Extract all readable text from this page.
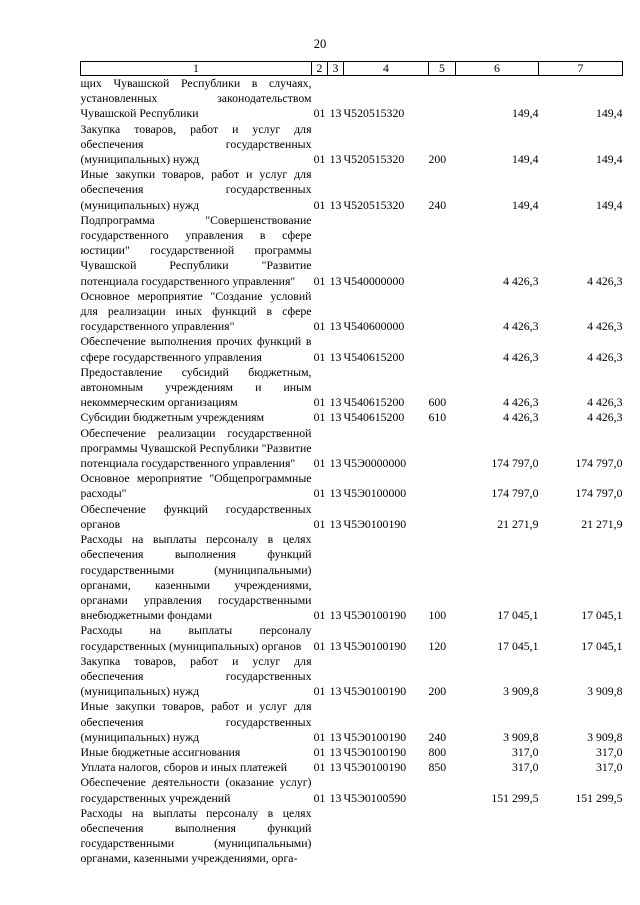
20
1	2	3	4	5	6	7
щих Чувашской Республики в случаях, установленных законодательством Чувашской Республики	01	13	Ч520515320		149,4	149,4
Закупка товаров, работ и услуг для обеспечения государственных (муниципальных) нужд	01	13	Ч520515320	200	149,4	149,4
Иные закупки товаров, работ и услуг для обеспечения государственных (муниципальных) нужд	01	13	Ч520515320	240	149,4	149,4
Подпрограмма "Совершенствование государственного управления в сфере юстиции" государственной программы Чувашской Республики "Развитие потенциала государственного управления"	01	13	Ч540000000		4 426,3	4 426,3
Основное мероприятие "Создание условий для реализации иных функций в сфере государственного управления"	01	13	Ч540600000		4 426,3	4 426,3
Обеспечение выполнения прочих функций в сфере государственного управления	01	13	Ч540615200		4 426,3	4 426,3
Предоставление субсидий бюджетным, автономным учреждениям и иным некоммерческим организациям	01	13	Ч540615200	600	4 426,3	4 426,3
Субсидии бюджетным учреждениям	01	13	Ч540615200	610	4 426,3	4 426,3
Обеспечение реализации государственной программы Чувашской Республики "Развитие потенциала государственного управления"	01	13	Ч5Э0000000		174 797,0	174 797,0
Основное мероприятие "Общепрограммные расходы"	01	13	Ч5Э0100000		174 797,0	174 797,0
Обеспечение функций государственных органов	01	13	Ч5Э0100190		21 271,9	21 271,9
Расходы на выплаты персоналу в целях обеспечения выполнения функций государственными (муниципальными) органами, казенными учреждениями, органами управления государственными внебюджетными фондами	01	13	Ч5Э0100190	100	17 045,1	17 045,1
Расходы на выплаты персоналу государственных (муниципальных) органов	01	13	Ч5Э0100190	120	17 045,1	17 045,1
Закупка товаров, работ и услуг для обеспечения государственных (муниципальных) нужд	01	13	Ч5Э0100190	200	3 909,8	3 909,8
Иные закупки товаров, работ и услуг для обеспечения государственных (муниципальных) нужд	01	13	Ч5Э0100190	240	3 909,8	3 909,8
Иные бюджетные ассигнования	01	13	Ч5Э0100190	800	317,0	317,0
Уплата налогов, сборов и иных платежей	01	13	Ч5Э0100190	850	317,0	317,0
Обеспечение деятельности (оказание услуг) государственных учреждений	01	13	Ч5Э0100590		151 299,5	151 299,5
Расходы на выплаты персоналу в целях обеспечения выполнения функций государственными (муниципальными) органами, казенными учреждениями, орга-						
